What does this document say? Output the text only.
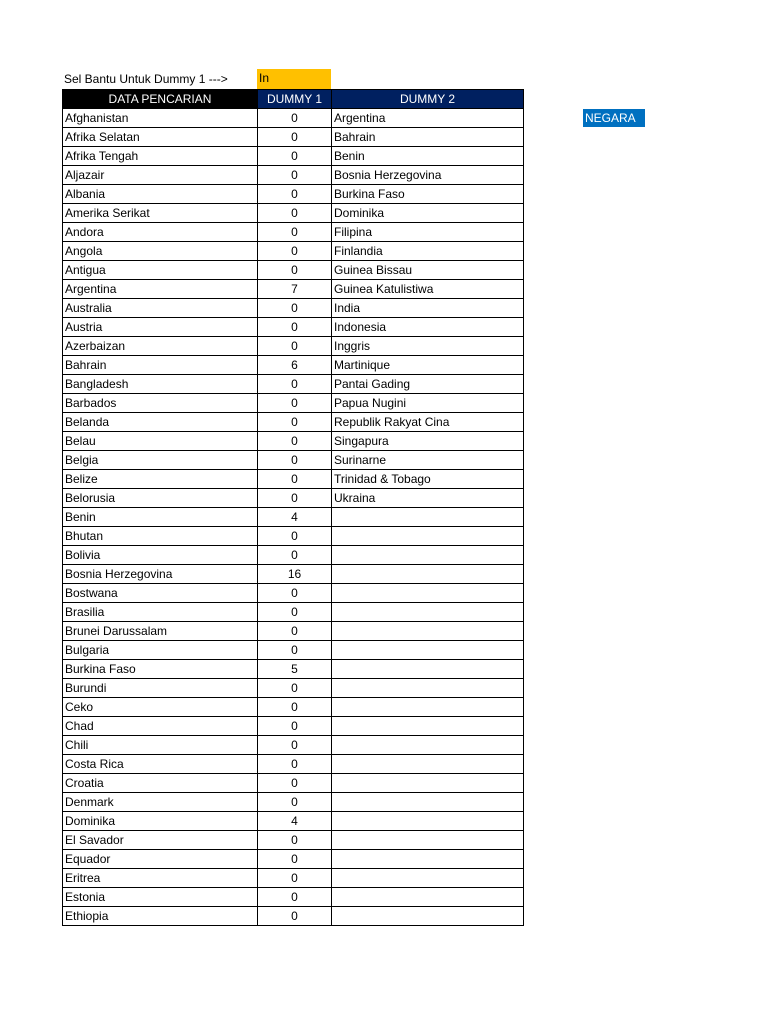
Sel Bantu Untuk Dummy 1 --->	In
NEGARA
DATA PENCARIAN	DUMMY 1	DUMMY 2
Afghanistan	0	Argentina
Afrika Selatan	0	Bahrain
Afrika Tengah	0	Benin
Aljazair	0	Bosnia Herzegovina
Albania	0	Burkina Faso
Amerika Serikat	0	Dominika
Andora	0	Filipina
Angola	0	Finlandia
Antigua	0	Guinea Bissau
Argentina	7	Guinea Katulistiwa
Australia	0	India
Austria	0	Indonesia
Azerbaizan	0	Inggris
Bahrain	6	Martinique
Bangladesh	0	Pantai Gading
Barbados	0	Papua Nugini
Belanda	0	Republik Rakyat Cina
Belau	0	Singapura
Belgia	0	Surinarne
Belize	0	Trinidad & Tobago
Belorusia	0	Ukraina
Benin	4	
Bhutan	0	
Bolivia	0	
Bosnia Herzegovina	16	
Bostwana	0	
Brasilia	0	
Brunei Darussalam	0	
Bulgaria	0	
Burkina Faso	5	
Burundi	0	
Ceko	0	
Chad	0	
Chili	0	
Costa Rica	0	
Croatia	0	
Denmark	0	
Dominika	4	
El Savador	0	
Equador	0	
Eritrea	0	
Estonia	0	
Ethiopia	0	
